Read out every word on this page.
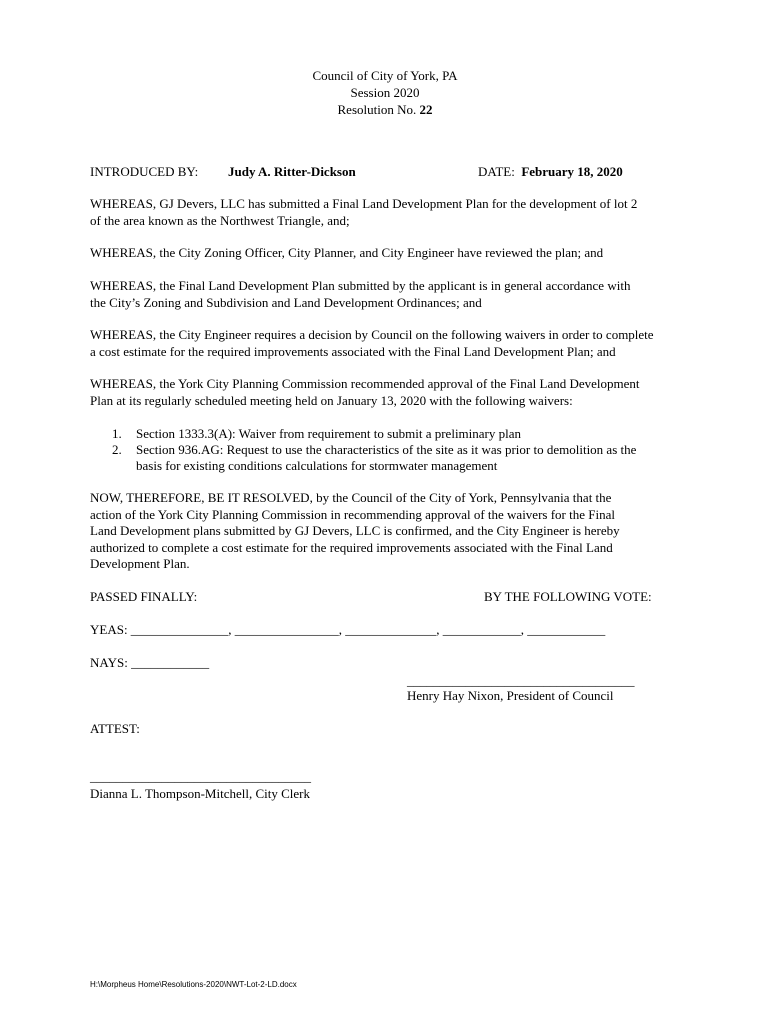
Council of City of York, PA
Session 2020
Resolution No. 22
INTRODUCED BY: Judy A. Ritter-Dickson	DATE: February 18, 2020
WHEREAS, GJ Devers, LLC has submitted a Final Land Development Plan for the development of lot 2
of the area known as the Northwest Triangle, and;
WHEREAS, the City Zoning Officer, City Planner, and City Engineer have reviewed the plan; and
WHEREAS, the Final Land Development Plan submitted by the applicant is in general accordance with
the City’s Zoning and Subdivision and Land Development Ordinances; and
WHEREAS, the City Engineer requires a decision by Council on the following waivers in order to complete
a cost estimate for the required improvements associated with the Final Land Development Plan; and
WHEREAS, the York City Planning Commission recommended approval of the Final Land Development
Plan at its regularly scheduled meeting held on January 13, 2020 with the following waivers:
1. Section 1333.3(A): Waiver from requirement to submit a preliminary plan
2. Section 936.AG: Request to use the characteristics of the site as it was prior to demolition as the
basis for existing conditions calculations for stormwater management
NOW, THEREFORE, BE IT RESOLVED, by the Council of the City of York, Pennsylvania that the
action of the York City Planning Commission in recommending approval of the waivers for the Final
Land Development plans submitted by GJ Devers, LLC is confirmed, and the City Engineer is hereby
authorized to complete a cost estimate for the required improvements associated with the Final Land
Development Plan.
PASSED FINALLY:	BY THE FOLLOWING VOTE:
YEAS: _______________, ________________, ______________, ____________, ____________
NAYS: ____________
___________________________________
Henry Hay Nixon, President of Council
ATTEST:
__________________________________
Dianna L. Thompson-Mitchell, City Clerk
H:\Morpheus Home\Resolutions-2020\NWT-Lot-2-LD.docx
